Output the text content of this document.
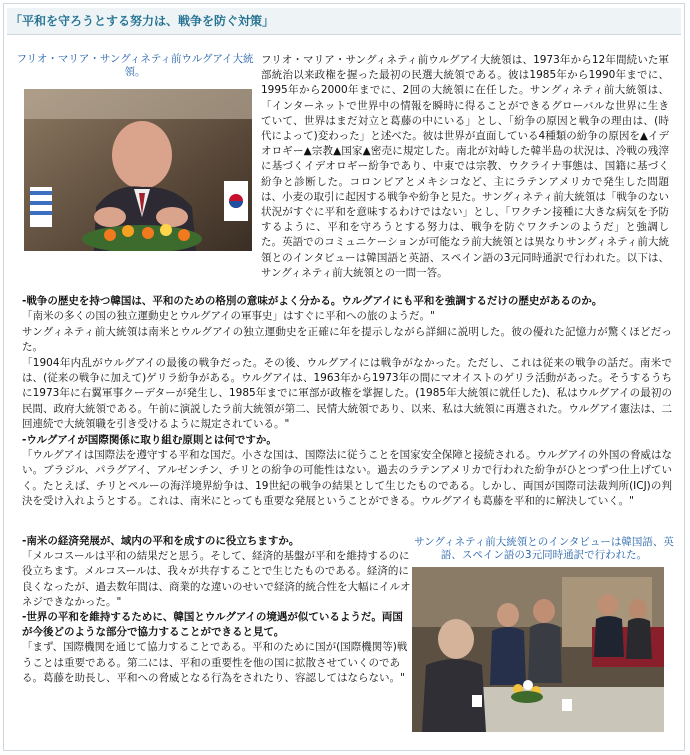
「平和を守ろうとする努力は、戦争を防ぐ対策」
フリオ・マリア・サングィネティ前ウルグアイ大統領。
フリオ・マリア・サングィネティ前ウルグアイ大統領は、1973年から12年間続いた軍部統治以来政権を握った最初の民選大統領である。彼は1985年から1990年までに、1995年から2000年までに、2回の大統領に在任した。サングィネティ前大統領は、「インターネットで世界中の情報を瞬時に得ることができるグローバルな世界に生きていて、世界はまだ対立と葛藤の中にいる」とし、「紛争の原因と戦争の理由は、(時代によって)変わった」と述べた。彼は世界が直面している4種類の紛争の原因を▲イデオロギー▲宗教▲国家▲密売に規定した。南北が対峙した韓半島の状況は、冷戦の残滓に基づくイデオロギー紛争であり、中東では宗教、ウクライナ事態は、国籍に基づく紛争と診断した。コロンビアとメキシコなど、主にラテンアメリカで発生した問題は、小麦の取引に起因する戦争や紛争と見た。サングィネティ前大統領は「戦争のない状況がすぐに平和を意味するわけではない」とし、「ワクチン接種に大きな病気を予防するように、平和を守ろうとする努力は、戦争を防ぐワクチンのようだ」と強調した。英語でのコミュニケーションが可能なラ前大統領とは異なりサングィネティ前大統領とのインタビューは韓国語と英語、スペイン語の3元同時通訳で行われた。以下は、サングィネティ前大統領との一問一答。

-戦争の歴史を持つ韓国は、平和のための格別の意味がよく分かる。ウルグアイにも平和を強調するだけの歴史があるのか。

「南米の多くの国の独立運動史とウルグアイの軍事史」はすぐに平和への旅のようだ。"

サングィネティ前大統領は南米とウルグアイの独立運動史を正確に年を提示しながら詳細に説明した。彼の優れた記憶力が驚くほどだった。

「1904年内乱がウルグアイの最後の戦争だった。その後、ウルグアイには戦争がなかった。ただし、これは従来の戦争の話だ。南米では、(従来の戦争に加えて)ゲリラ紛争がある。ウルグアイは、1963年から1973年の間にマオイストのゲリラ活動があった。そうするうちに1973年に右翼軍事クーデターが発生し、1985年までに軍部が政権を掌握した。(1985年大統領に就任した)、私はウルグアイの最初の民間、政府大統領である。午前に演説したラ前大統領が第二、民情大統領であり、以来、私は大統領に再選された。ウルグアイ憲法は、二回連続で大統領職を引き受けるように規定されている。"

-ウルグアイが国際関係に取り組む原則とは何ですか。

「ウルグアイは国際法を遵守する平和な国だ。小さな国は、国際法に従うことを国家安全保障と接続される。ウルグアイの外国の脅威はない。ブラジル、パラグアイ、アルゼンチン、チリとの紛争の可能性はない。過去のラテンアメリカで行われた紛争がひとつずつ仕上げていく。たとえば、チリとペルーの海洋境界紛争は、19世紀の戦争の結果として生じたものである。しかし、両国が国際司法裁判所(ICJ)の判決を受け入れようとする。これは、南米にとっても重要な発展ということができる。ウルグアイも葛藤を平和的に解決していく。"

-南米の経済発展が、域内の平和を成すのに役立ちますか。

「メルコスールは平和の結果だと思う。そして、経済的基盤が平和を維持するのに役立ちます。メルコスールは、我々が共存することで生じたものである。経済的に良くなったが、過去数年間は、商業的な違いのせいで経済的統合性を大幅にイルオネジできなかった。"

-世界の平和を維持するために、韓国とウルグアイの境遇が似ているようだ。両国が今後どのような部分で協力することができると見て。

「まず、国際機関を通じて協力することである。平和のために国が(国際機関等)戦うことは重要である。第二には、平和の重要性を他の国に拡散させていくのである。葛藤を助長し、平和への脅威となる行為をされたり、容認してはならない。"

サングィネティ前大統領とのインタビューは韓国語、英語、スペイン語の3元同時通訳で行われた。
